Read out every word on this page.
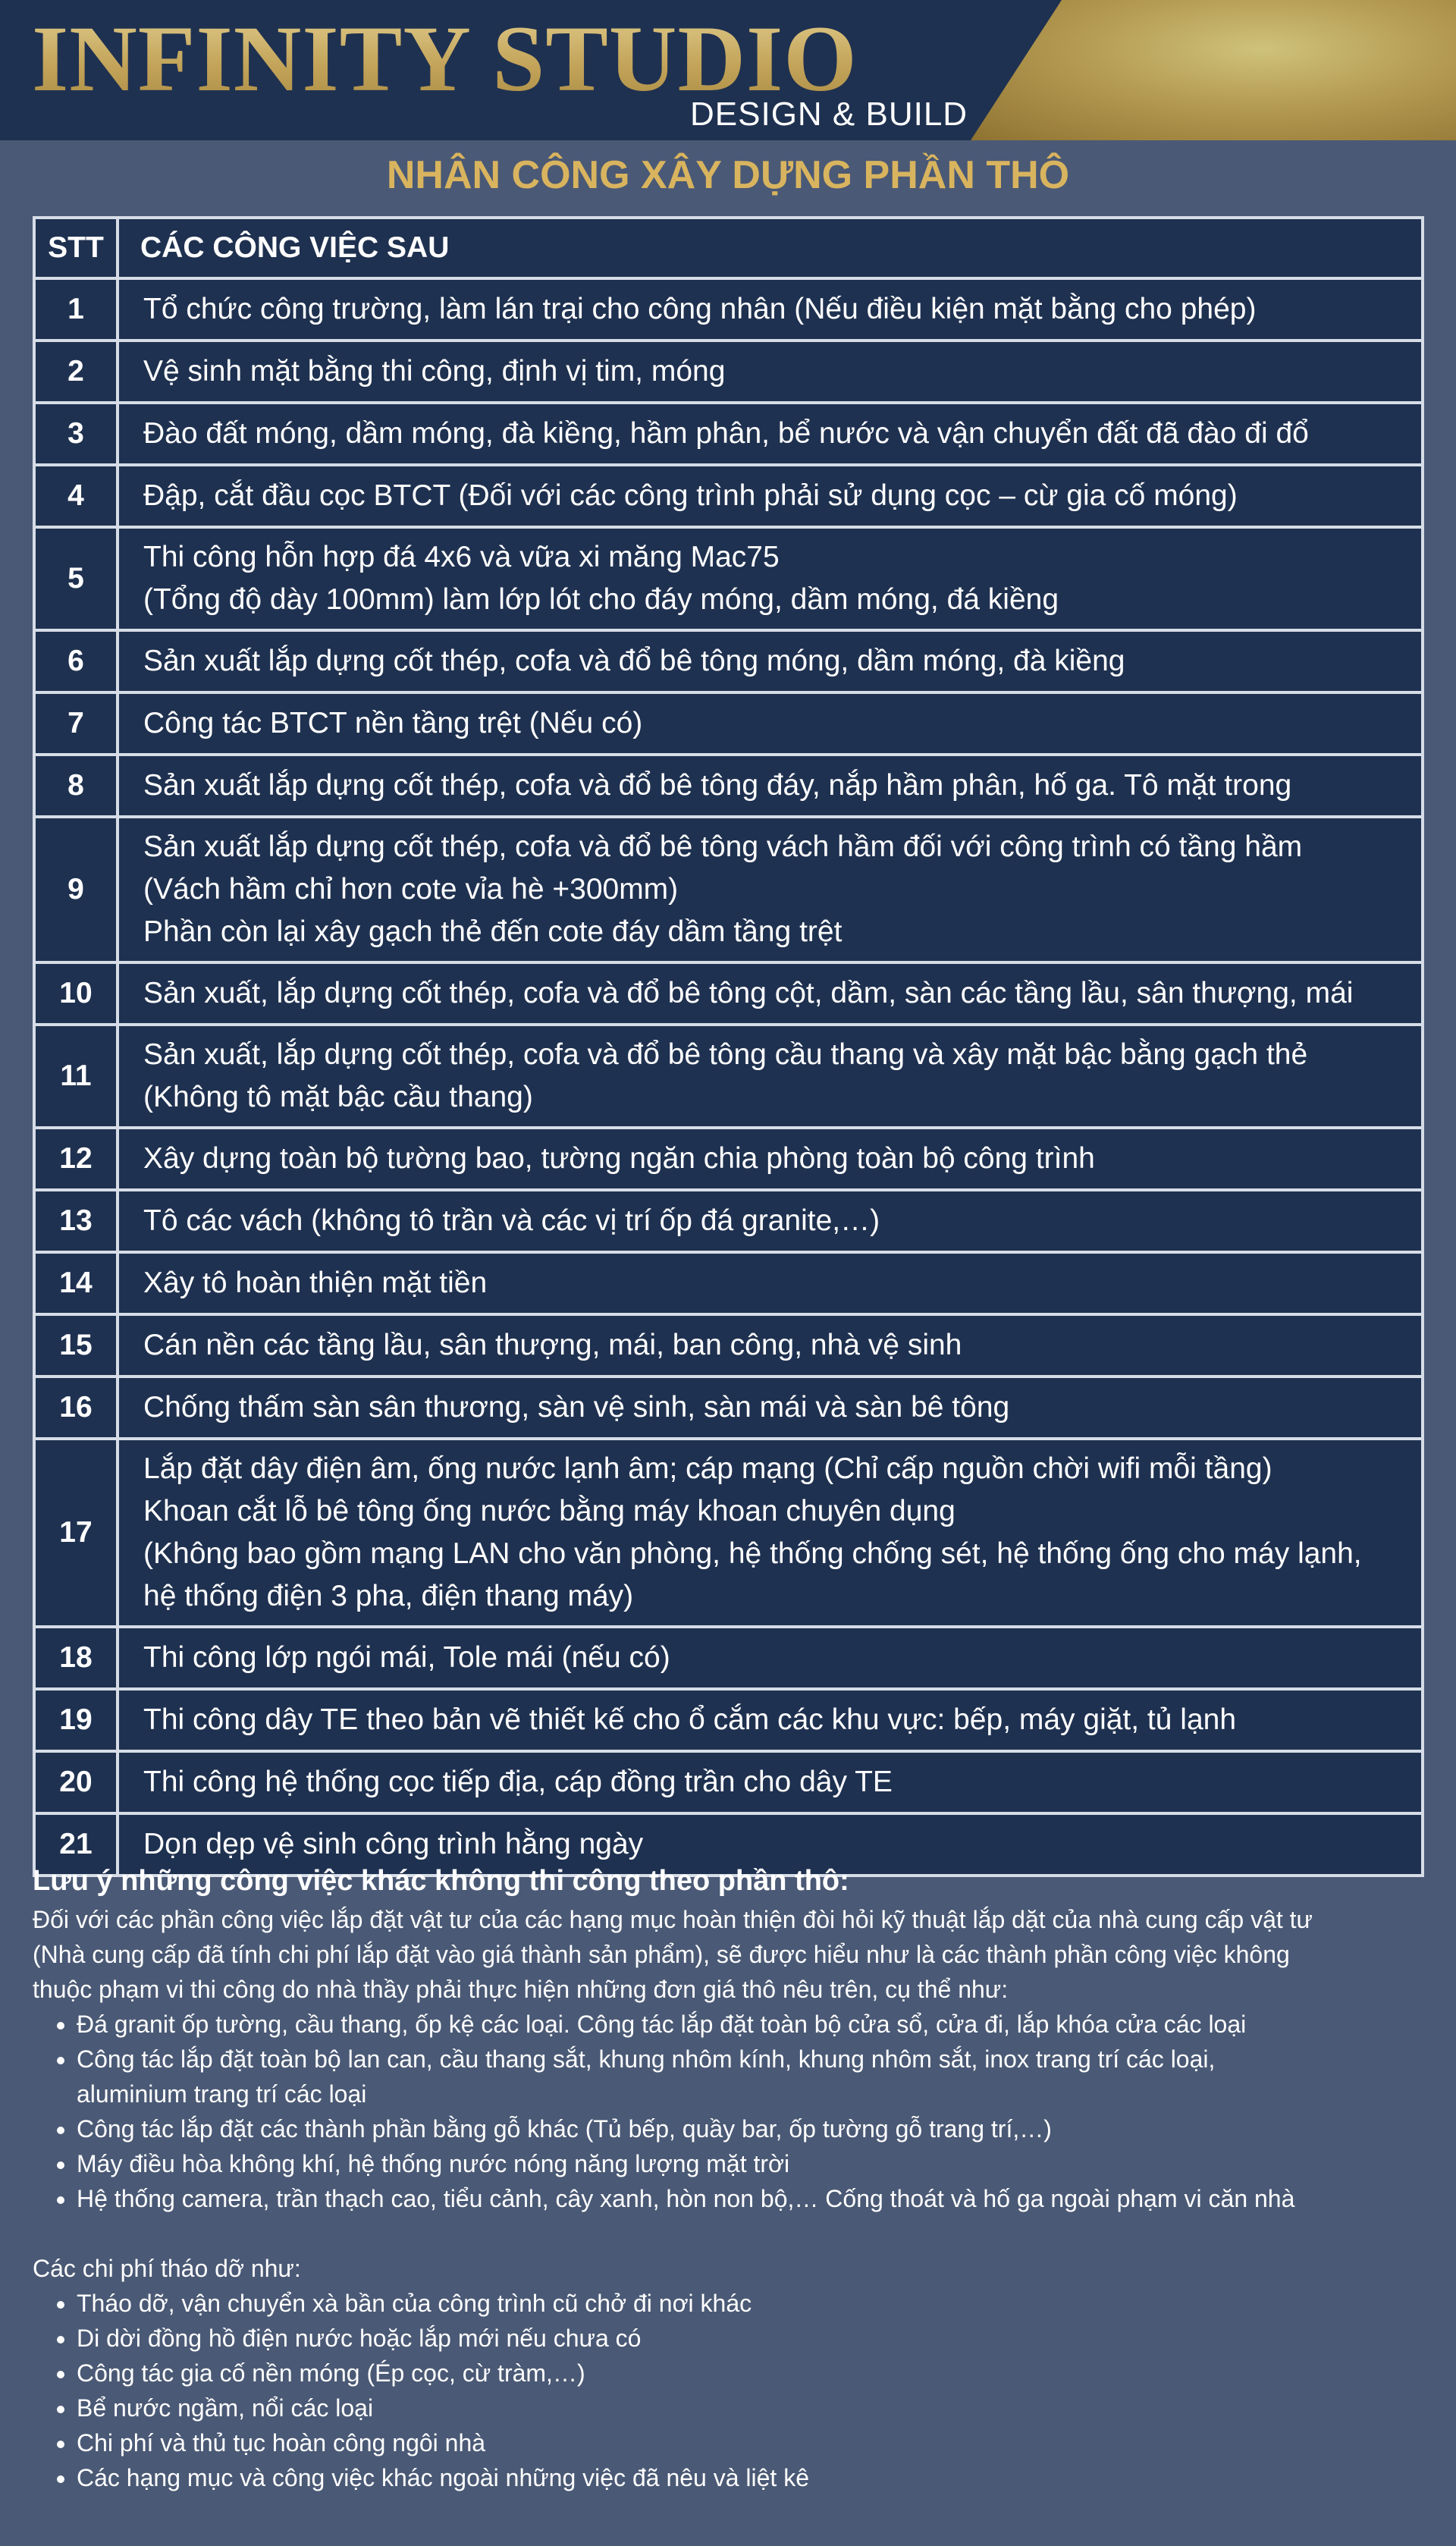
INFINITY STUDIO
DESIGN & BUILD
NHÂN CÔNG XÂY DỰNG PHẦN THÔ
STT	CÁC CÔNG VIỆC SAU
1	Tổ chức công trường, làm lán trại cho công nhân (Nếu điều kiện mặt bằng cho phép)

2	Vệ sinh mặt bằng thi công, định vị tim, móng

3	Đào đất móng, dầm móng, đà kiềng, hầm phân, bể nước và vận chuyển đất đã đào đi đổ

4	Đập, cắt đầu cọc BTCT (Đối với các công trình phải sử dụng cọc – cừ gia cố móng)

5	Thi công hỗn hợp đá 4x6 và vữa xi măng Mac75
(Tổng độ dày 100mm) làm lớp lót cho đáy móng, dầm móng, đá kiềng

6	Sản xuất lắp dựng cốt thép, cofa và đổ bê tông móng, dầm móng, đà kiềng

7	Công tác BTCT nền tầng trệt (Nếu có)

8	Sản xuất lắp dựng cốt thép, cofa và đổ bê tông đáy, nắp hầm phân, hố ga. Tô mặt trong

9	Sản xuất lắp dựng cốt thép, cofa và đổ bê tông vách hầm đối với công trình có tầng hầm
(Vách hầm chỉ hơn cote vỉa hè +300mm)
Phần còn lại xây gạch thẻ đến cote đáy dầm tầng trệt

10	Sản xuất, lắp dựng cốt thép, cofa và đổ bê tông cột, dầm, sàn các tầng lầu, sân thượng, mái

11	Sản xuất, lắp dựng cốt thép, cofa và đổ bê tông cầu thang và xây mặt bậc bằng gạch thẻ
(Không tô mặt bậc cầu thang)

12	Xây dựng toàn bộ tường bao, tường ngăn chia phòng toàn bộ công trình

13	Tô các vách (không tô trần và các vị trí ốp đá granite,…)

14	Xây tô hoàn thiện mặt tiền

15	Cán nền các tầng lầu, sân thượng, mái, ban công, nhà vệ sinh

16	Chống thấm sàn sân thương, sàn vệ sinh, sàn mái và sàn bê tông

17	Lắp đặt dây điện âm, ống nước lạnh âm; cáp mạng (Chỉ cấp nguồn chời wifi mỗi tầng)
Khoan cắt lỗ bê tông ống nước bằng máy khoan chuyên dụng
(Không bao gồm mạng LAN cho văn phòng, hệ thống chống sét, hệ thống ống cho máy lạnh,
hệ thống điện 3 pha, điện thang máy)

18	Thi công lớp ngói mái, Tole mái (nếu có)

19	Thi công dây TE theo bản vẽ thiết kế cho ổ cắm các khu vực: bếp, máy giặt, tủ lạnh

20	Thi công hệ thống cọc tiếp địa, cáp đồng trần cho dây TE

21	Dọn dẹp vệ sinh công trình hằng ngày
Lưu ý những công việc khác không thi công theo phần thô:
Đối với các phần công việc lắp đặt vật tư của các hạng mục hoàn thiện đòi hỏi kỹ thuật lắp dặt của nhà cung cấp vật tư
(Nhà cung cấp đã tính chi phí lắp đặt vào giá thành sản phẩm), sẽ được hiểu như là các thành phần công việc không
thuộc phạm vi thi công do nhà thầy phải thực hiện những đơn giá thô nêu trên, cụ thể như:
• Đá granit ốp tường, cầu thang, ốp kệ các loại. Công tác lắp đặt toàn bộ cửa sổ, cửa đi, lắp khóa cửa các loại
• Công tác lắp đặt toàn bộ lan can, cầu thang sắt, khung nhôm kính, khung nhôm sắt, inox trang trí các loại,
aluminium trang trí các loại
• Công tác lắp đặt các thành phần bằng gỗ khác (Tủ bếp, quầy bar, ốp tường gỗ trang trí,…)
• Máy điều hòa không khí, hệ thống nước nóng năng lượng mặt trời
• Hệ thống camera, trần thạch cao, tiểu cảnh, cây xanh, hòn non bộ,… Cống thoát và hố ga ngoài phạm vi căn nhà
Các chi phí tháo dỡ như:
• Tháo dỡ, vận chuyển xà bần của công trình cũ chở đi nơi khác
• Di dời đồng hồ điện nước hoặc lắp mới nếu chưa có
• Công tác gia cố nền móng (Ép cọc, cừ tràm,…)
• Bể nước ngầm, nổi các loại
• Chi phí và thủ tục hoàn công ngôi nhà
• Các hạng mục và công việc khác ngoài những việc đã nêu và liệt kê
